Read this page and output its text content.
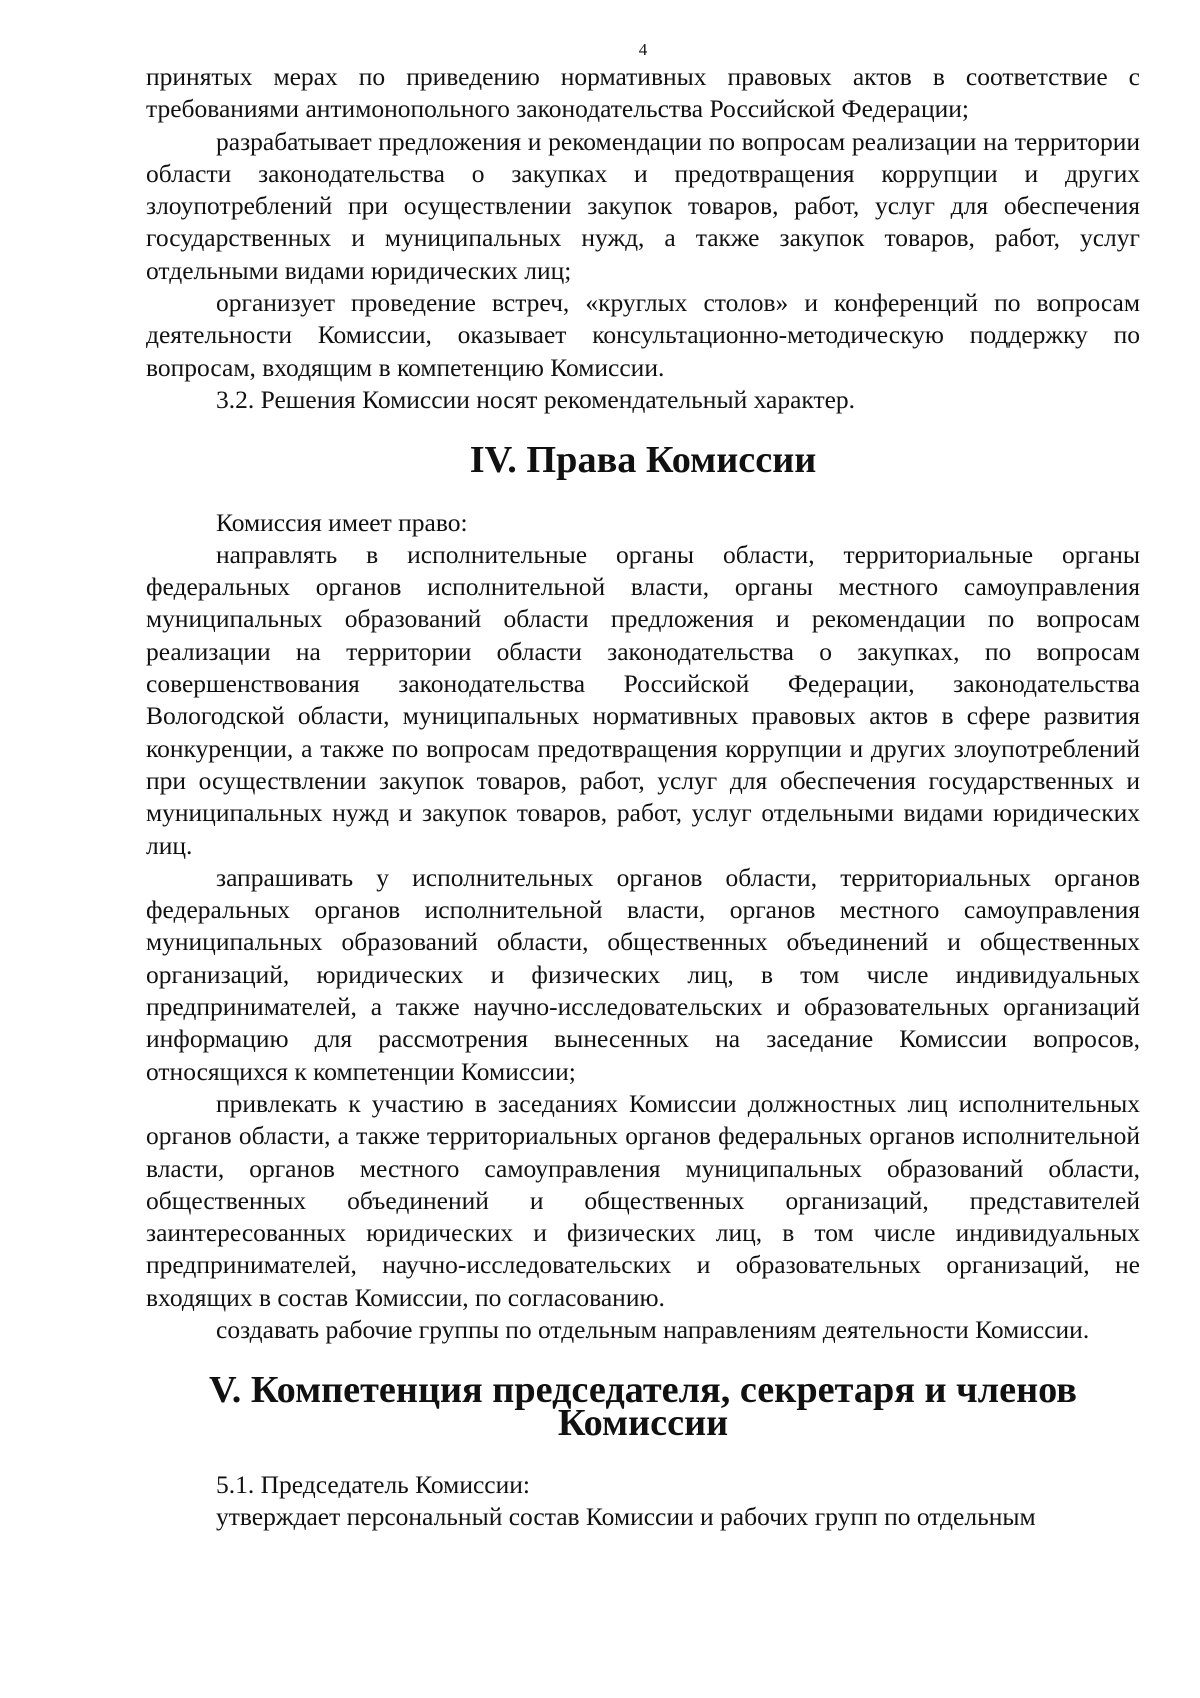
4

принятых мерах по приведению нормативных правовых актов в соответствие с требованиями антимонопольного законодательства Российской Федерации;

разрабатывает предложения и рекомендации по вопросам реализации на территории области законодательства о закупках и предотвращения коррупции и других злоупотреблений при осуществлении закупок товаров, работ, услуг для обеспечения государственных и муниципальных нужд, а также закупок товаров, работ, услуг отдельными видами юридических лиц;

организует проведение встреч, «круглых столов» и конференций по вопросам деятельности Комиссии, оказывает консультационно-методическую поддержку по вопросам, входящим в компетенцию Комиссии.

3.2. Решения Комиссии носят рекомендательный характер.

IV. Права Комиссии

Комиссия имеет право:

направлять в исполнительные органы области, территориальные органы федеральных органов исполнительной власти, органы местного самоуправления муниципальных образований области предложения и рекомендации по вопросам реализации на территории области законодательства о закупках, по вопросам совершенствования законодательства Российской Федерации, законодательства Вологодской области, муниципальных нормативных правовых актов в сфере развития конкуренции, а также по вопросам предотвращения коррупции и других злоупотреблений при осуществлении закупок товаров, работ, услуг для обеспечения государственных и муниципальных нужд и закупок товаров, работ, услуг отдельными видами юридических лиц.

запрашивать у исполнительных органов области, территориальных органов федеральных органов исполнительной власти, органов местного самоуправления муниципальных образований области, общественных объединений и общественных организаций, юридических и физических лиц, в том числе индивидуальных предпринимателей, а также научно-исследовательских и образовательных организаций информацию для рассмотрения вынесенных на заседание Комиссии вопросов, относящихся к компетенции Комиссии;

привлекать к участию в заседаниях Комиссии должностных лиц исполнительных органов области, а также территориальных органов федеральных органов исполнительной власти, органов местного самоуправления муниципальных образований области, общественных объединений и общественных организаций, представителей заинтересованных юридических и физических лиц, в том числе индивидуальных предпринимателей, научно-исследовательских и образовательных организаций, не входящих в состав Комиссии, по согласованию.

создавать рабочие группы по отдельным направлениям деятельности Комиссии.

V. Компетенция председателя, секретаря и членов Комиссии

5.1. Председатель Комиссии:

утверждает персональный состав Комиссии и рабочих групп по отдельным
